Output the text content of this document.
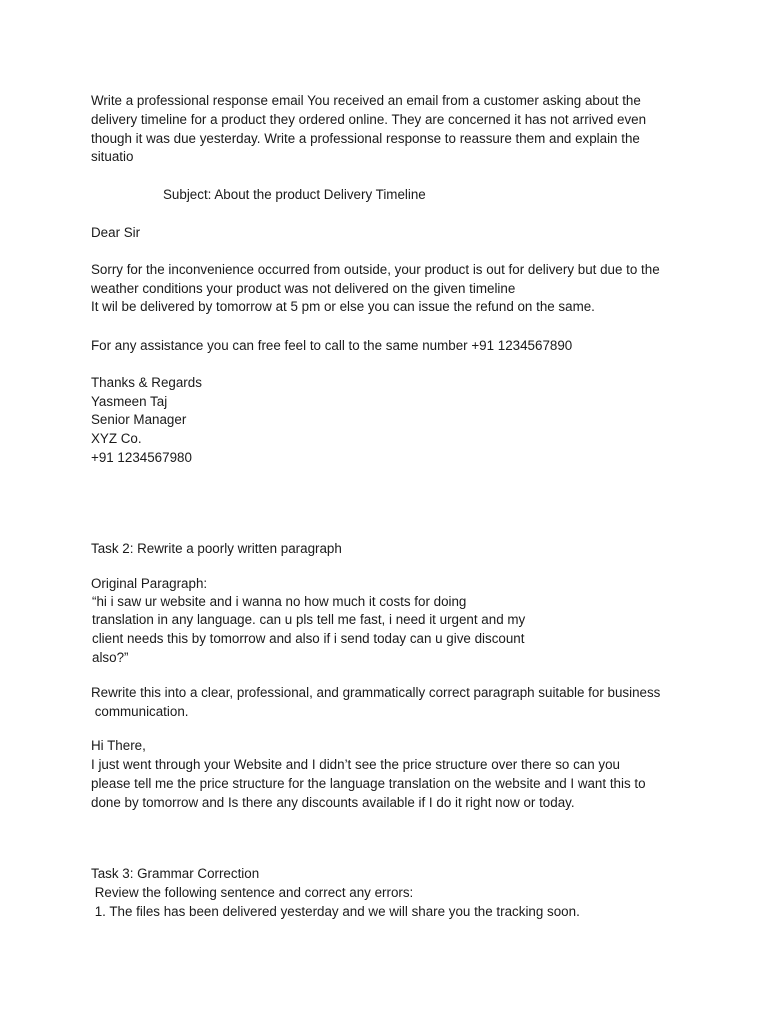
Write a professional response email You received an email from a customer asking about the

delivery timeline for a product they ordered online. They are concerned it has not arrived even

though it was due yesterday. Write a professional response to reassure them and explain the

situatio

Subject: About the product Delivery Timeline

Dear Sir

Sorry for the inconvenience occurred from outside, your product is out for delivery but due to the

weather conditions your product was not delivered on the given timeline

It wil be delivered by tomorrow at 5 pm or else you can issue the refund on the same.

For any assistance you can free feel to call to the same number +91 1234567890

Thanks & Regards

Yasmeen Taj

Senior Manager

XYZ Co.

+91 1234567980

Task 2: Rewrite a poorly written paragraph

Original Paragraph:

“hi i saw ur website and i wanna no how much it costs for doing

translation in any language. can u pls tell me fast, i need it urgent and my

client needs this by tomorrow and also if i send today can u give discount

also?”

Rewrite this into a clear, professional, and grammatically correct paragraph suitable for business

communication.

Hi There,

I just went through your Website and I didn’t see the price structure over there so can you

please tell me the price structure for the language translation on the website and I want this to

done by tomorrow and Is there any discounts available if I do it right now or today.

Task 3: Grammar Correction

Review the following sentence and correct any errors:

1. The files has been delivered yesterday and we will share you the tracking soon.
